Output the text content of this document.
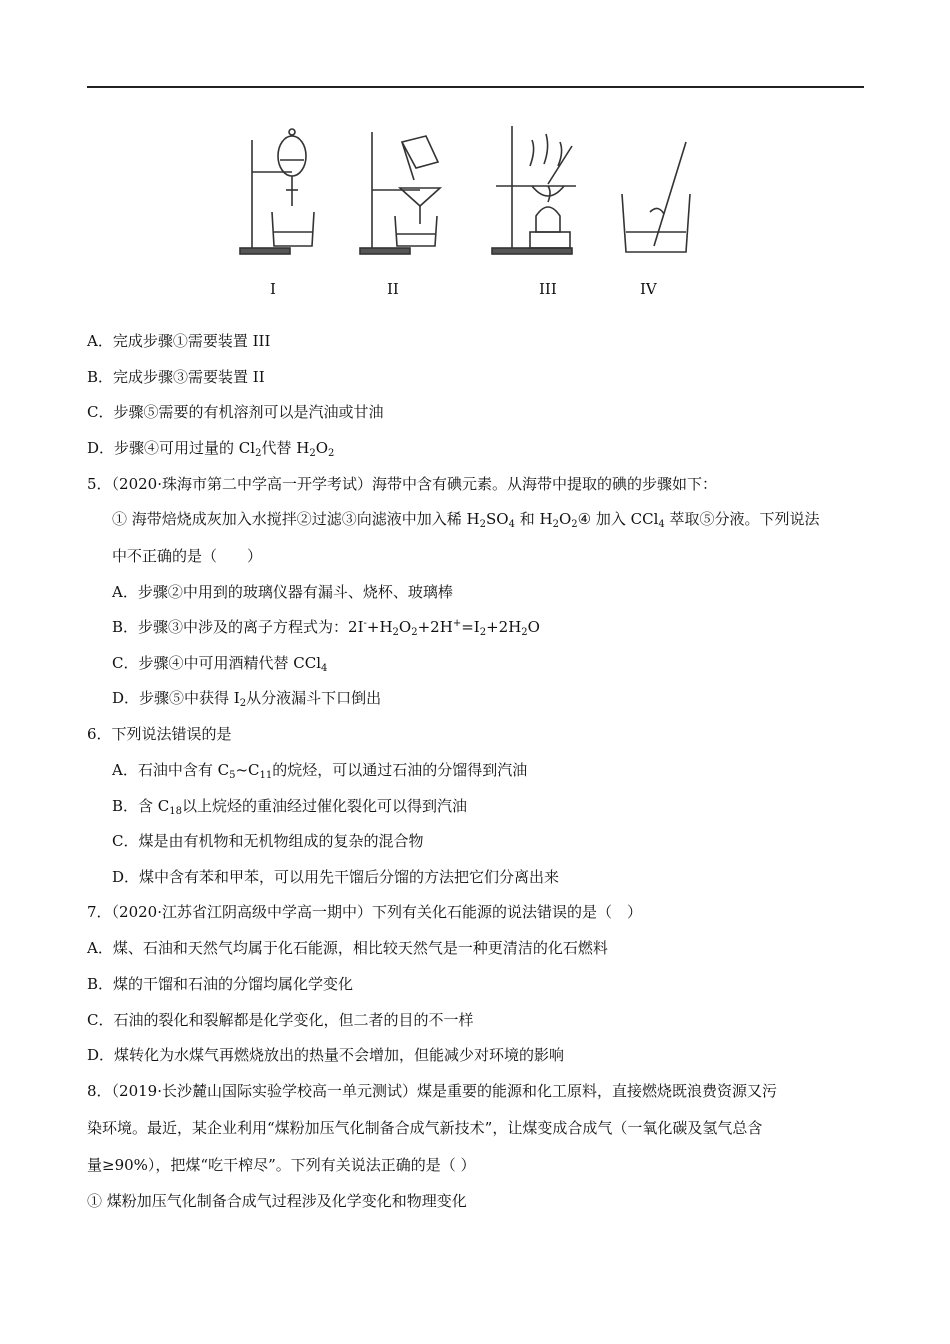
I	II	III	IV
A．完成步骤①需要装置 III
B．完成步骤③需要装置 II
C．步骤⑤需要的有机溶剂可以是汽油或甘油
D．步骤④可用过量的 $Cl_2$代替 $H_2O_2$
5．（2020·珠海市第二中学高一开学考试）海带中含有碘元素。从海带中提取的碘的步骤如下：
① 海带焙烧成灰加入水搅拌②过滤③向滤液中加入稀 $H_2SO_4$ 和 $H_2O_2④$ 加入 CCl$_4$ 萃取⑤分液。下列说法
中不正确的是（　　）
A．步骤②中用到的玻璃仪器有漏斗、烧杯、玻璃棒
B．步骤③中涉及的离子方程式为：$2I^-+H_2O_2+2H^+=I_2+2H_2O$
C．步骤④中可用酒精代替 CCl$_4$
D．步骤⑤中获得 $I_2$从分液漏斗下口倒出
6．下列说法错误的是
A．石油中含有 $C_5\sim C_{11}$的烷烃，可以通过石油的分馏得到汽油
B．含 $C_{18}$以上烷烃的重油经过催化裂化可以得到汽油
C．煤是由有机物和无机物组成的复杂的混合物
D．煤中含有苯和甲苯，可以用先干馏后分馏的方法把它们分离出来
7．（2020·江苏省江阴高级中学高一期中）下列有关化石能源的说法错误的是（　）
A．煤、石油和天然气均属于化石能源，相比较天然气是一种更清洁的化石燃料
B．煤的干馏和石油的分馏均属化学变化
C．石油的裂化和裂解都是化学变化，但二者的目的不一样
D．煤转化为水煤气再燃烧放出的热量不会增加，但能减少对环境的影响
8．（2019·长沙麓山国际实验学校高一单元测试）煤是重要的能源和化工原料，直接燃烧既浪费资源又污
染环境。最近，某企业利用“煤粉加压气化制备合成气新技术”，让煤变成合成气（一氧化碳及氢气总含
量≥90%），把煤“吃干榨尽”。下列有关说法正确的是（ ）
① 煤粉加压气化制备合成气过程涉及化学变化和物理变化
